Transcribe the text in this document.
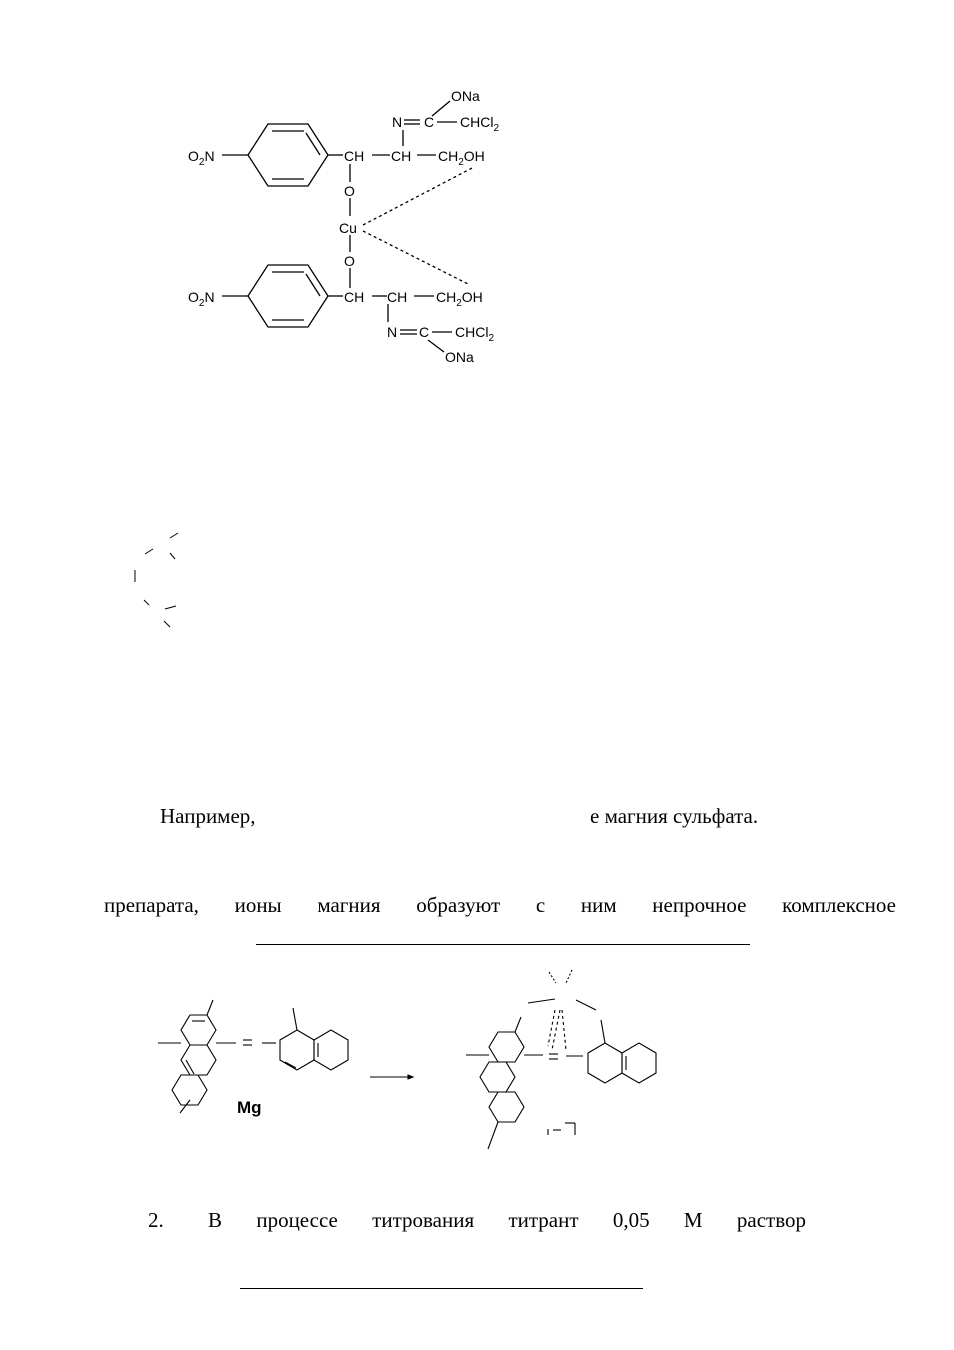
$O_2N$
ONa
N C CHCl$_2$
CH CH $CH_2OH$
O
Cu
O
$O_2N$	CH CH $CH_2OH$
N C CHCl$_2$
ONa
Mg
Например,	е магния сульфата.
препарата, ионы магния образуют с ним непрочное комплексное
2. В процессе титрования титрант 0,05 М раствор
